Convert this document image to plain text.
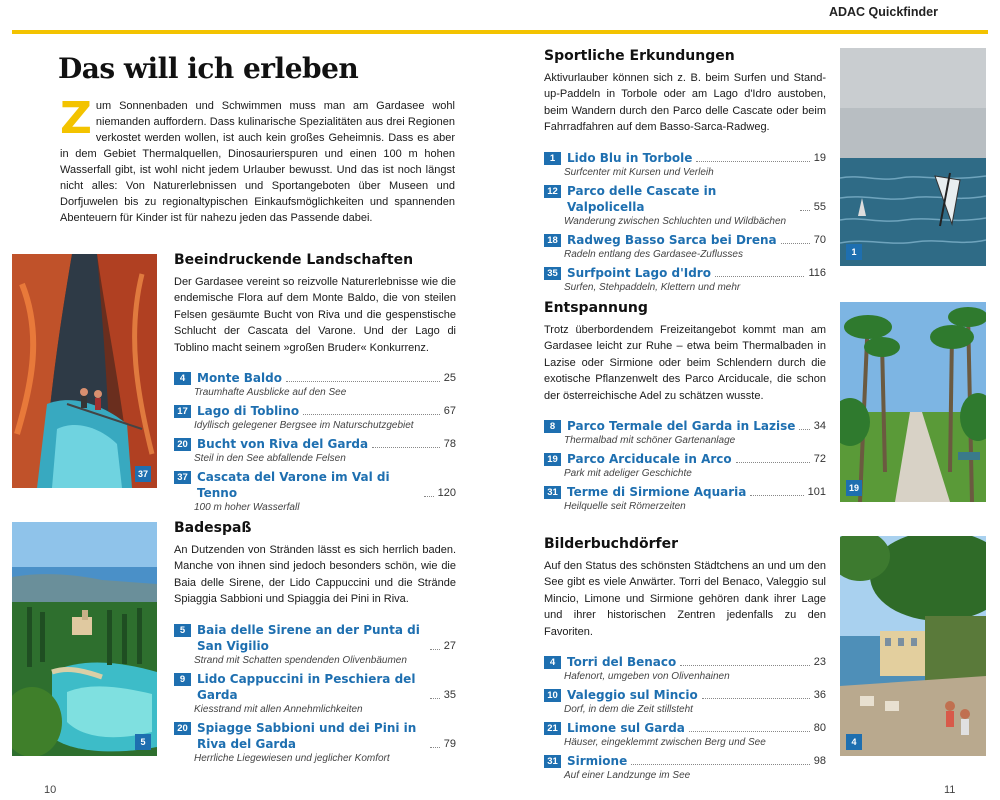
ADAC Quickfinder
10	11
Das will ich erleben

Zum Sonnenbaden und Schwimmen muss man am Gardasee wohl niemanden auffordern. Dass kulinarische Spezialitäten aus drei Regionen verkostet werden wollen, ist auch kein großes Geheimnis. Dass es aber in dem Gebiet Thermalquellen, Dinosaurierspuren und einen 100 m hohen Wasserfall gibt, ist wohl nicht jedem Urlauber bewusst. Und das ist noch längst nicht alles: Von Naturerlebnissen und Sportangeboten über Museen und Dorfjuwelen bis zu regionaltypischen Einkaufsmöglichkeiten und spannenden Abenteuern für Kinder ist für nahezu jeden das Passende dabei.

37
Beeindruckende Landschaften

Der Gardasee vereint so reizvolle Naturerlebnisse wie die endemische Flora auf dem Monte Baldo, die von steilen Felsen gesäumte Bucht von Riva und die gespenstische Schlucht der Cascata del Varone. Und der Lago di Toblino macht seinem »großen Bruder« Konkurrenz.

4 Monte Baldo	25
Traumhafte Ausblicke auf den See
17 Lago di Toblino	67
Idyllisch gelegener Bergsee im Naturschutzgebiet
20 Bucht von Riva del Garda	78
Steil in den See abfallende Felsen
37 Cascata del Varone im Val di Tenno	120
100 m hoher Wasserfall
5
Badespaß

An Dutzenden von Stränden lässt es sich herrlich baden. Manche von ihnen sind jedoch besonders schön, wie die Baia delle Sirene, der Lido Cappuccini und die Strände Spiaggia Sabbioni und Spiaggia dei Pini in Riva.

5 Baia delle Sirene an der Punta di San Vigilio	27
Strand mit Schatten spendenden Olivenbäumen
9 Lido Cappuccini in Peschiera del Garda	35
Kiesstrand mit allen Annehmlichkeiten
20 Spiagge Sabbioni und dei Pini in Riva del Garda	79
Herrliche Liegewiesen und jeglicher Komfort
Sportliche Erkundungen

Aktivurlauber können sich z. B. beim Surfen und Stand-up-Paddeln in Torbole oder am Lago d'Idro austoben, beim Wandern durch den Parco delle Cascate oder beim Fahrradfahren auf dem Basso-Sarca-Radweg.

1 Lido Blu in Torbole	19
Surfcenter mit Kursen und Verleih
12 Parco delle Cascate in Valpolicella	55
Wanderung zwischen Schluchten und Wildbächen
18 Radweg Basso Sarca bei Drena	70
Radeln entlang des Gardasee-Zuflusses
35 Surfpoint Lago d'Idro	116
Surfen, Stehpaddeln, Klettern und mehr
1
Entspannung

Trotz überbordendem Freizeitangebot kommt man am Gardasee leicht zur Ruhe – etwa beim Thermalbaden in Lazise oder Sirmione oder beim Schlendern durch die exotische Pflanzenwelt des Parco Arciducale, die schon der österreichische Adel zu schätzen wusste.

8 Parco Termale del Garda in Lazise 34
Thermalbad mit schöner Gartenanlage
19 Parco Arciducale in Arco	72
Park mit adeliger Geschichte
31 Terme di Sirmione Aquaria	101
Heilquelle seit Römerzeiten
19
Bilderbuchdörfer

Auf den Status des schönsten Städtchens an und um den See gibt es viele Anwärter. Torri del Benaco, Valeggio sul Mincio, Limone und Sirmione gehören dank ihrer Lage und ihrer historischen Zentren jedenfalls zu den Favoriten.

4 Torri del Benaco	23
Hafenort, umgeben von Olivenhainen
10 Valeggio sul Mincio	36
Dorf, in dem die Zeit stillsteht
21 Limone sul Garda	80
Häuser, eingeklemmt zwischen Berg und See
31 Sirmione	98
Auf einer Landzunge im See
4
